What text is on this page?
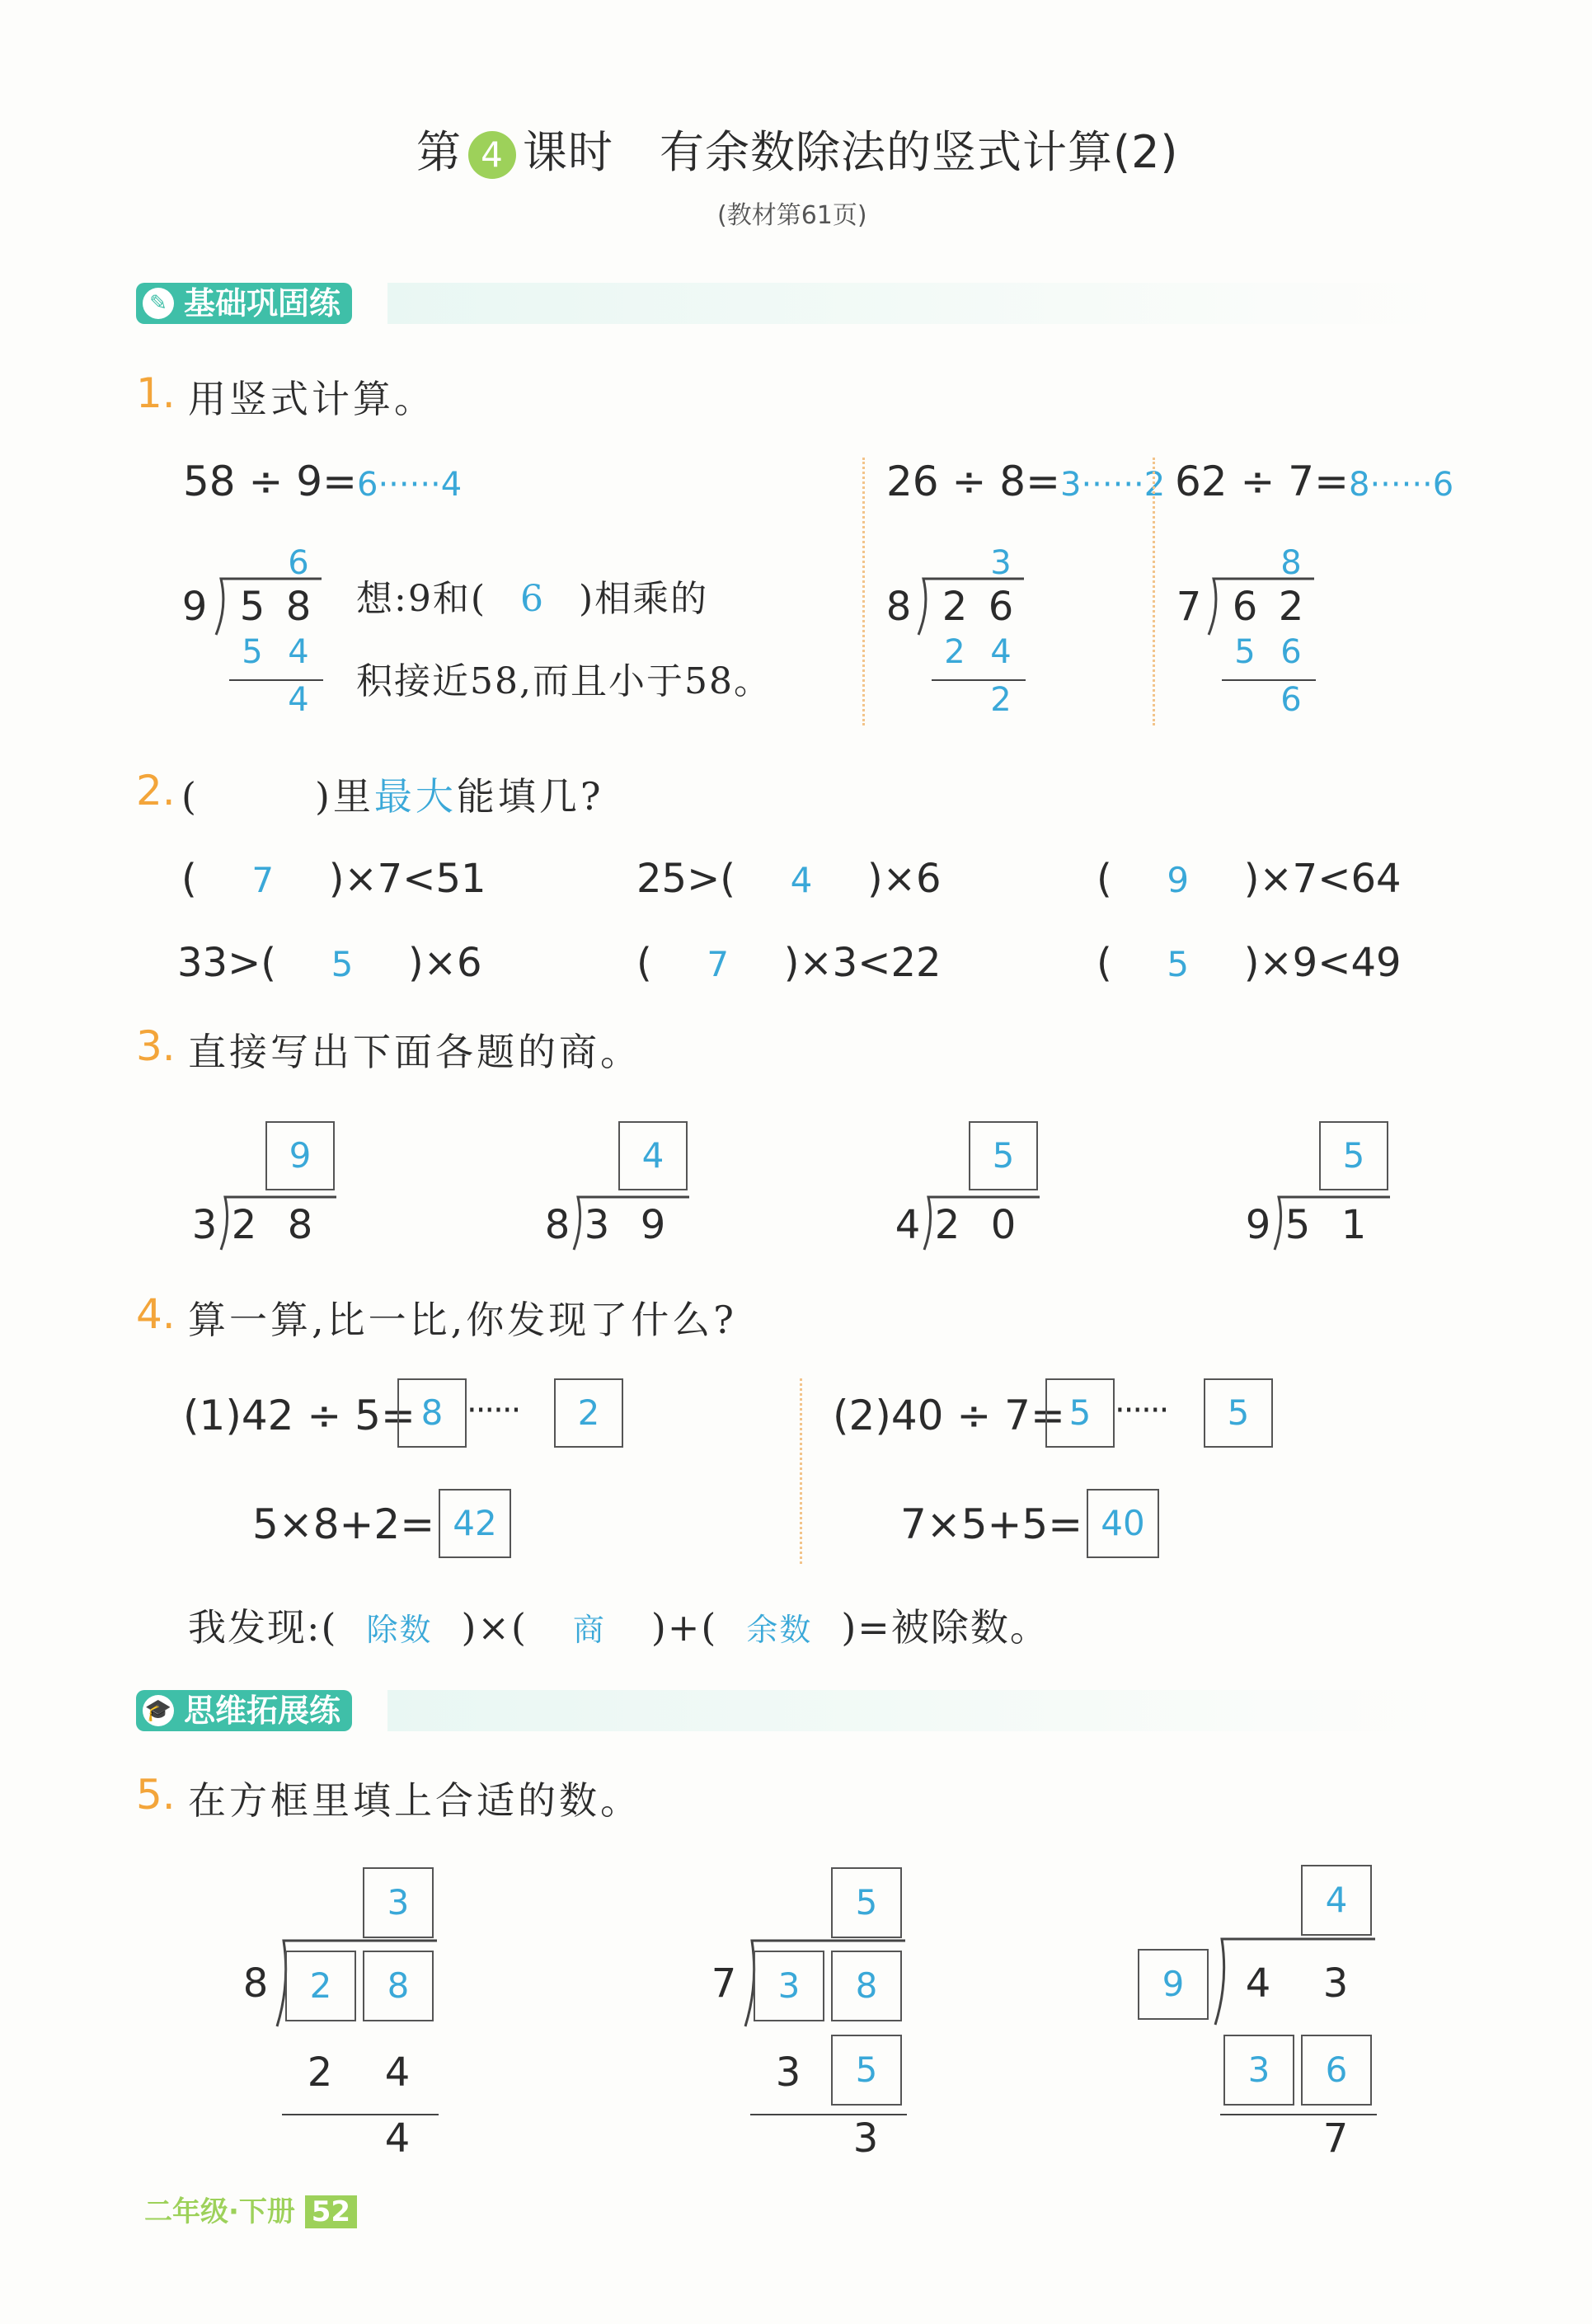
第 4 课时 有余数除法的竖式计算(2)
(教材第61页)
✎ 基础巩固练
1. 用竖式计算。
58 ÷ 9=6······4
6
9 5 8
5 4
4
想:9和( 6 )相乘的
积接近58,而且小于58。
26 ÷ 8=3······2
3
8 2 6
2 4
2
62 ÷ 7=8······6
8
7 6 2
5 6
6
2. (	)里最大能填几?
( 7 )×7<51	25>( 4 )×6	( 9 )×7<64
33>( 5 )×6	( 7 )×3<22	( 5 )×9<49
3. 直接写出下面各题的商。
9
3 2 8
4
8 3 9
5
4 2 0
5
9 5 1
4. 算一算,比一比,你发现了什么?
(1)42 ÷ 5= 8 ······	2
5×8+2= 42
(2)40 ÷ 7= 5 ······	5
7×5+5= 40
我发现:( 除数 )×( 商 )+( 余数 )=被除数。
🎓 思维拓展练
5. 在方框里填上合适的数。
3
8	2	8
2 4
4
5
7	3	8
3	5
3
4
9	4 3
3	6
7
二年级·下册 52
